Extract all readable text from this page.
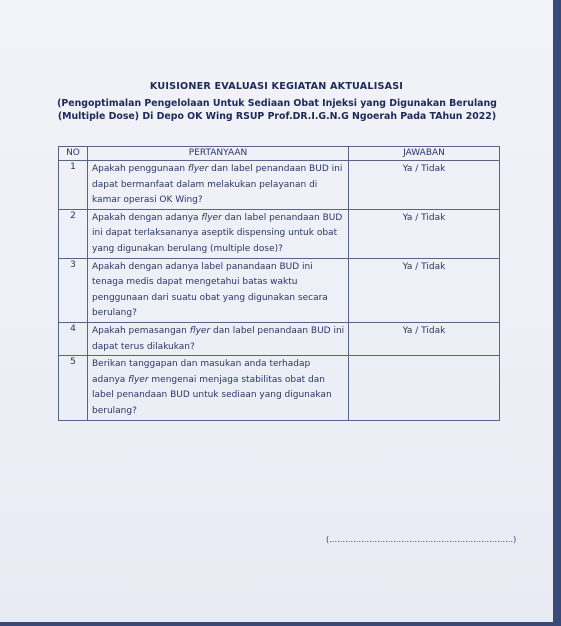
KUISIONER EVALUASI KEGIATAN AKTUALISASI
(Pengoptimalan Pengelolaan Untuk Sediaan Obat Injeksi yang Digunakan Berulang
(Multiple Dose) Di Depo OK Wing RSUP Prof.DR.I.G.N.G Ngoerah Pada TAhun 2022)
NO	PERTANYAAN	JAWABAN
1	Apakah penggunaan flyer dan label penandaan BUD ini dapat bermanfaat dalam melakukan pelayanan di kamar operasi OK Wing?	Ya / Tidak
2	Apakah dengan adanya flyer dan label penandaan BUD ini dapat terlaksananya aseptik dispensing untuk obat yang digunakan berulang (multiple dose)?	Ya / Tidak
3	Apakah dengan adanya label panandaan BUD ini tenaga medis dapat mengetahui batas waktu penggunaan dari suatu obat yang digunakan secara berulang?	Ya / Tidak
4	Apakah pemasangan flyer dan label penandaan BUD ini dapat terus dilakukan?	Ya / Tidak
5	Berikan tanggapan dan masukan anda terhadap adanya flyer mengenai menjaga stabilitas obat dan label penandaan BUD untuk sediaan yang digunakan berulang?	
(……………………………………………………………)
